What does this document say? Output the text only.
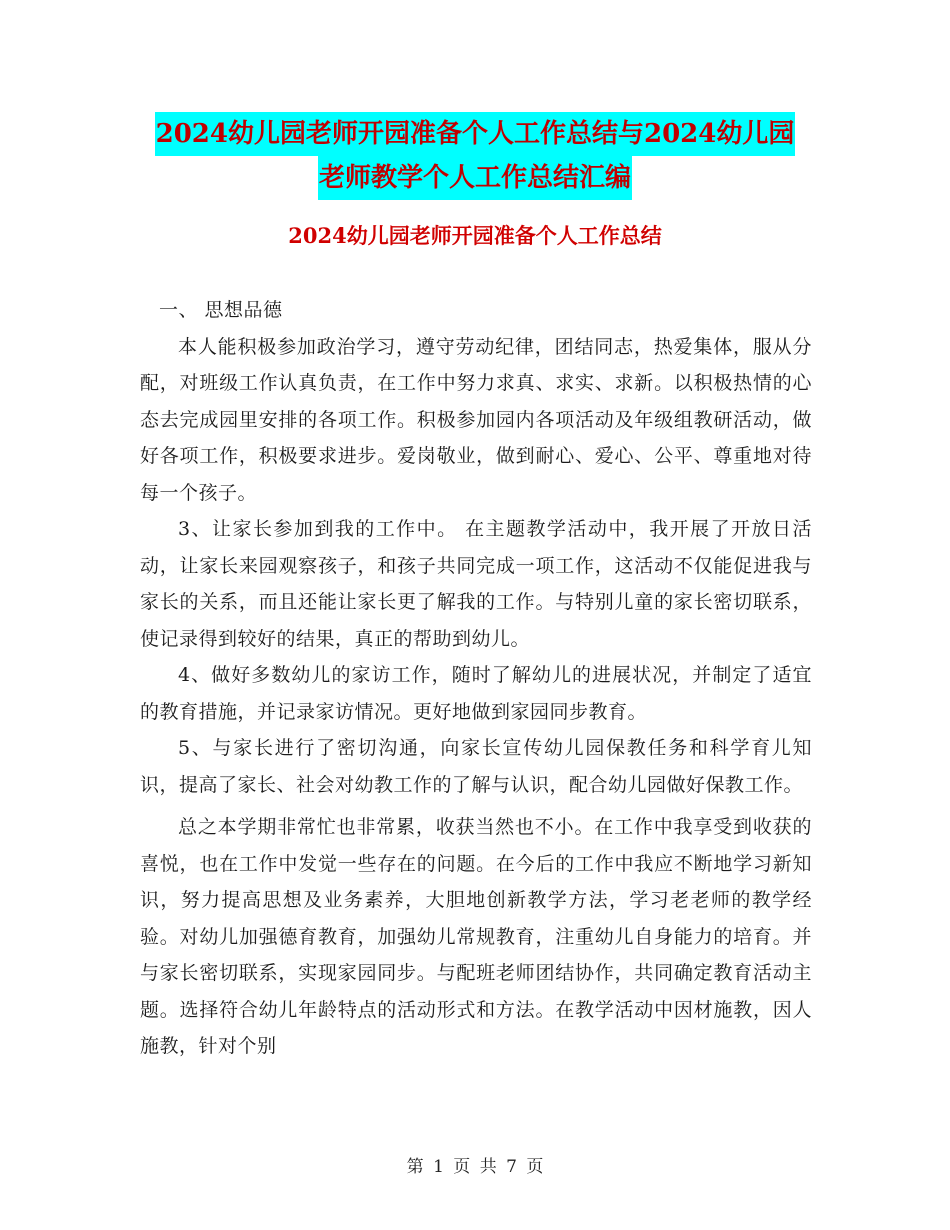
2024幼儿园老师开园准备个人工作总结与2024幼儿园
老师教学个人工作总结汇编
2024幼儿园老师开园准备个人工作总结

一、 思想品德

本人能积极参加政治学习，遵守劳动纪律，团结同志，热爱集体，服从分配，对班级工作认真负责，在工作中努力求真、求实、求新。以积极热情的心态去完成园里安排的各项工作。积极参加园内各项活动及年级组教研活动，做好各项工作，积极要求进步。爱岗敬业，做到耐心、爱心、公平、尊重地对待每一个孩子。

3、让家长参加到我的工作中。 在主题教学活动中，我开展了开放日活动，让家长来园观察孩子，和孩子共同完成一项工作，这活动不仅能促进我与家长的关系，而且还能让家长更了解我的工作。与特别儿童的家长密切联系，使记录得到较好的结果，真正的帮助到幼儿。

4、做好多数幼儿的家访工作，随时了解幼儿的进展状况，并制定了适宜的教育措施，并记录家访情况。更好地做到家园同步教育。

5、与家长进行了密切沟通，向家长宣传幼儿园保教任务和科学育儿知识，提高了家长、社会对幼教工作的了解与认识，配合幼儿园做好保教工作。

总之本学期非常忙也非常累，收获当然也不小。在工作中我享受到收获的喜悦，也在工作中发觉一些存在的问题。在今后的工作中我应不断地学习新知识，努力提高思想及业务素养，大胆地创新教学方法，学习老老师的教学经验。对幼儿加强德育教育，加强幼儿常规教育，注重幼儿自身能力的培育。并与家长密切联系，实现家园同步。与配班老师团结协作，共同确定教育活动主题。选择符合幼儿年龄特点的活动形式和方法。在教学活动中因材施教，因人施教，针对个别

第 1 页 共 7 页
